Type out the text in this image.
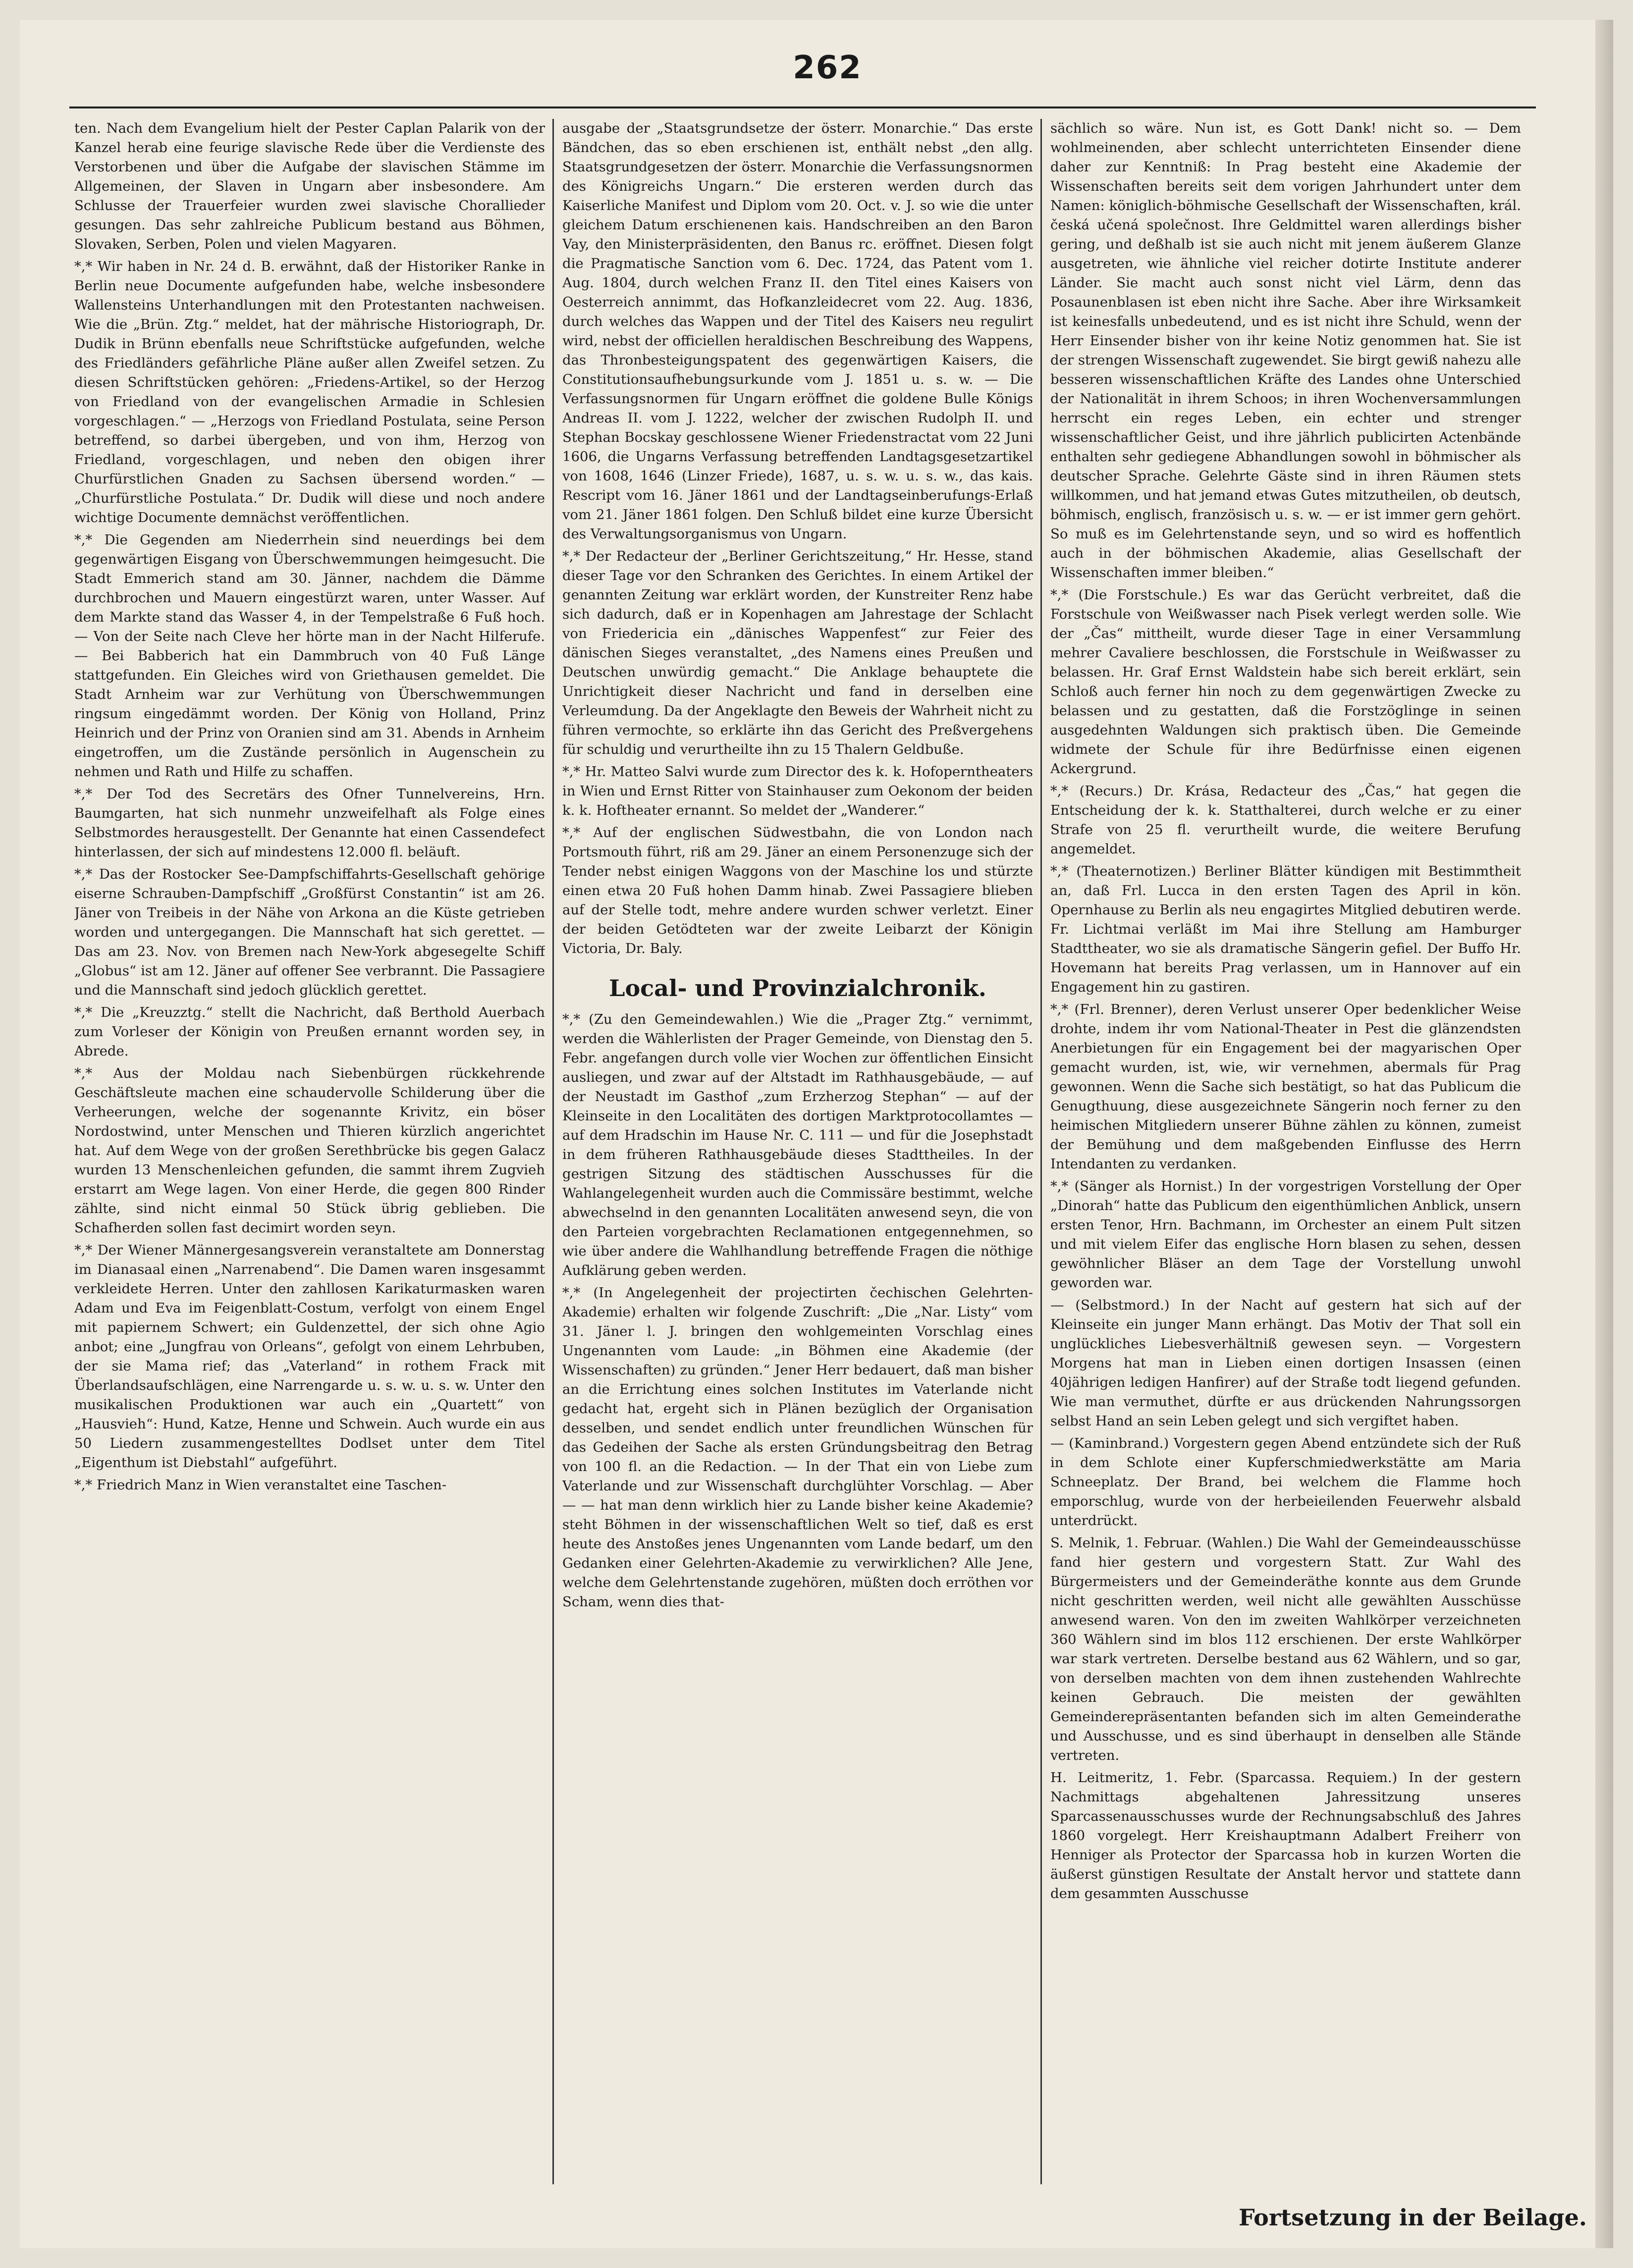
262

ten. Nach dem Evangelium hielt der Pester Caplan Palarik von der Kanzel herab eine feurige slavische Rede über die Verdienste des Verstorbenen und über die Aufgabe der slavischen Stämme im Allgemeinen, der Slaven in Ungarn aber insbesondere. Am Schlusse der Trauerfeier wurden zwei slavische Chorallieder gesungen. Das sehr zahlreiche Publicum bestand aus Böhmen, Slovaken, Serben, Polen und vielen Magyaren.

*,* Wir haben in Nr. 24 d. B. erwähnt, daß der Historiker Ranke in Berlin neue Documente aufgefunden habe, welche insbesondere Wallensteins Unterhandlungen mit den Protestanten nachweisen. Wie die „Brün. Ztg.“ meldet, hat der mährische Historiograph, Dr. Dudik in Brünn ebenfalls neue Schriftstücke aufgefunden, welche des Friedländers gefährliche Pläne außer allen Zweifel setzen. Zu diesen Schriftstücken gehören: „Friedens-Artikel, so der Herzog von Friedland von der evangelischen Armadie in Schlesien vorgeschlagen.“ — „Herzogs von Friedland Postulata, seine Person betreffend, so darbei übergeben, und von ihm, Herzog von Friedland, vorgeschlagen, und neben den obigen ihrer Churfürstlichen Gnaden zu Sachsen übersend worden.“ — „Churfürstliche Postulata.“ Dr. Dudik will diese und noch andere wichtige Documente demnächst veröffentlichen.

*,* Die Gegenden am Niederrhein sind neuerdings bei dem gegenwärtigen Eisgang von Überschwemmungen heimgesucht. Die Stadt Emmerich stand am 30. Jänner, nachdem die Dämme durchbrochen und Mauern eingestürzt waren, unter Wasser. Auf dem Markte stand das Wasser 4, in der Tempelstraße 6 Fuß hoch. — Von der Seite nach Cleve her hörte man in der Nacht Hilferufe. — Bei Babberich hat ein Dammbruch von 40 Fuß Länge stattgefunden. Ein Gleiches wird von Griethausen gemeldet. Die Stadt Arnheim war zur Verhütung von Überschwemmungen ringsum eingedämmt worden. Der König von Holland, Prinz Heinrich und der Prinz von Oranien sind am 31. Abends in Arnheim eingetroffen, um die Zustände persönlich in Augenschein zu nehmen und Rath und Hilfe zu schaffen.

*,* Der Tod des Secretärs des Ofner Tunnelvereins, Hrn. Baumgarten, hat sich nunmehr unzweifelhaft als Folge eines Selbstmordes herausgestellt. Der Genannte hat einen Cassendefect hinterlassen, der sich auf mindestens 12.000 fl. beläuft.

*,* Das der Rostocker See-Dampfschiffahrts-Gesellschaft gehörige eiserne Schrauben-Dampfschiff „Großfürst Constantin“ ist am 26. Jäner von Treibeis in der Nähe von Arkona an die Küste getrieben worden und untergegangen. Die Mannschaft hat sich gerettet. — Das am 23. Nov. von Bremen nach New-York abgesegelte Schiff „Globus“ ist am 12. Jäner auf offener See verbrannt. Die Passagiere und die Mannschaft sind jedoch glücklich gerettet.

*,* Die „Kreuzztg.“ stellt die Nachricht, daß Berthold Auerbach zum Vorleser der Königin von Preußen ernannt worden sey, in Abrede.

*,* Aus der Moldau nach Siebenbürgen rückkehrende Geschäftsleute machen eine schaudervolle Schilderung über die Verheerungen, welche der sogenannte Krivitz, ein böser Nordostwind, unter Menschen und Thieren kürzlich angerichtet hat. Auf dem Wege von der großen Serethbrücke bis gegen Galacz wurden 13 Menschenleichen gefunden, die sammt ihrem Zugvieh erstarrt am Wege lagen. Von einer Herde, die gegen 800 Rinder zählte, sind nicht einmal 50 Stück übrig geblieben. Die Schafherden sollen fast decimirt worden seyn.

*,* Der Wiener Männergesangsverein veranstaltete am Donnerstag im Dianasaal einen „Narrenabend“. Die Damen waren insgesammt verkleidete Herren. Unter den zahllosen Karikaturmasken waren Adam und Eva im Feigenblatt-Costum, verfolgt von einem Engel mit papiernem Schwert; ein Guldenzettel, der sich ohne Agio anbot; eine „Jungfrau von Orleans“, gefolgt von einem Lehrbuben, der sie Mama rief; das „Vaterland“ in rothem Frack mit Überlandsaufschlägen, eine Narrengarde u. s. w. u. s. w. Unter den musikalischen Produktionen war auch ein „Quartett“ von „Hausvieh“: Hund, Katze, Henne und Schwein. Auch wurde ein aus 50 Liedern zusammengestelltes Dodlset unter dem Titel „Eigenthum ist Diebstahl“ aufgeführt.

*,* Friedrich Manz in Wien veranstaltet eine Taschen-

ausgabe der „Staatsgrundsetze der österr. Monarchie.“ Das erste Bändchen, das so eben erschienen ist, enthält nebst „den allg. Staatsgrundgesetzen der österr. Monarchie die Verfassungsnormen des Königreichs Ungarn.“ Die ersteren werden durch das Kaiserliche Manifest und Diplom vom 20. Oct. v. J. so wie die unter gleichem Datum erschienenen kais. Handschreiben an den Baron Vay, den Ministerpräsidenten, den Banus rc. eröffnet. Diesen folgt die Pragmatische Sanction vom 6. Dec. 1724, das Patent vom 1. Aug. 1804, durch welchen Franz II. den Titel eines Kaisers von Oesterreich annimmt, das Hofkanzleidecret vom 22. Aug. 1836, durch welches das Wappen und der Titel des Kaisers neu regulirt wird, nebst der officiellen heraldischen Beschreibung des Wappens, das Thronbesteigungspatent des gegenwärtigen Kaisers, die Constitutionsaufhebungsurkunde vom J. 1851 u. s. w. — Die Verfassungsnormen für Ungarn eröffnet die goldene Bulle Königs Andreas II. vom J. 1222, welcher der zwischen Rudolph II. und Stephan Bocskay geschlossene Wiener Friedenstractat vom 22 Juni 1606, die Ungarns Verfassung betreffenden Landtagsgesetzartikel von 1608, 1646 (Linzer Friede), 1687, u. s. w. u. s. w., das kais. Rescript vom 16. Jäner 1861 und der Landtagseinberufungs-Erlaß vom 21. Jäner 1861 folgen. Den Schluß bildet eine kurze Übersicht des Verwaltungsorganismus von Ungarn.

*,* Der Redacteur der „Berliner Gerichtszeitung,“ Hr. Hesse, stand dieser Tage vor den Schranken des Gerichtes. In einem Artikel der genannten Zeitung war erklärt worden, der Kunstreiter Renz habe sich dadurch, daß er in Kopenhagen am Jahrestage der Schlacht von Friedericia ein „dänisches Wappenfest“ zur Feier des dänischen Sieges veranstaltet, „des Namens eines Preußen und Deutschen unwürdig gemacht.“ Die Anklage behauptete die Unrichtigkeit dieser Nachricht und fand in derselben eine Verleumdung. Da der Angeklagte den Beweis der Wahrheit nicht zu führen vermochte, so erklärte ihn das Gericht des Preßvergehens für schuldig und verurtheilte ihn zu 15 Thalern Geldbuße.

*,* Hr. Matteo Salvi wurde zum Director des k. k. Hofoperntheaters in Wien und Ernst Ritter von Stainhauser zum Oekonom der beiden k. k. Hoftheater ernannt. So meldet der „Wanderer.“

*,* Auf der englischen Südwestbahn, die von London nach Portsmouth führt, riß am 29. Jäner an einem Personenzuge sich der Tender nebst einigen Waggons von der Maschine los und stürzte einen etwa 20 Fuß hohen Damm hinab. Zwei Passagiere blieben auf der Stelle todt, mehre andere wurden schwer verletzt. Einer der beiden Getödteten war der zweite Leibarzt der Königin Victoria, Dr. Baly.

Local- und Provinzialchronik.

*,* (Zu den Gemeindewahlen.) Wie die „Prager Ztg.“ vernimmt, werden die Wählerlisten der Prager Gemeinde, von Dienstag den 5. Febr. angefangen durch volle vier Wochen zur öffentlichen Einsicht ausliegen, und zwar auf der Altstadt im Rathhausgebäude, — auf der Neustadt im Gasthof „zum Erzherzog Stephan“ — auf der Kleinseite in den Localitäten des dortigen Marktprotocollamtes — auf dem Hradschin im Hause Nr. C. 111 — und für die Josephstadt in dem früheren Rathhausgebäude dieses Stadttheiles. In der gestrigen Sitzung des städtischen Ausschusses für die Wahlangelegenheit wurden auch die Commissäre bestimmt, welche abwechselnd in den genannten Localitäten anwesend seyn, die von den Parteien vorgebrachten Reclamationen entgegennehmen, so wie über andere die Wahlhandlung betreffende Fragen die nöthige Aufklärung geben werden.

*,* (In Angelegenheit der projectirten čechischen Gelehrten-Akademie) erhalten wir folgende Zuschrift: „Die „Nar. Listy“ vom 31. Jäner l. J. bringen den wohlgemeinten Vorschlag eines Ungenannten vom Laude: „in Böhmen eine Akademie (der Wissenschaften) zu gründen.“ Jener Herr bedauert, daß man bisher an die Errichtung eines solchen Institutes im Vaterlande nicht gedacht hat, ergeht sich in Plänen bezüglich der Organisation desselben, und sendet endlich unter freundlichen Wünschen für das Gedeihen der Sache als ersten Gründungsbeitrag den Betrag von 100 fl. an die Redaction. — In der That ein von Liebe zum Vaterlande und zur Wissenschaft durchglühter Vorschlag. — Aber — — hat man denn wirklich hier zu Lande bisher keine Akademie? steht Böhmen in der wissenschaftlichen Welt so tief, daß es erst heute des Anstoßes jenes Ungenannten vom Lande bedarf, um den Gedanken einer Gelehrten-Akademie zu verwirklichen? Alle Jene, welche dem Gelehrtenstande zugehören, müßten doch erröthen vor Scham, wenn dies that-

sächlich so wäre. Nun ist, es Gott Dank! nicht so. — Dem wohlmeinenden, aber schlecht unterrichteten Einsender diene daher zur Kenntniß: In Prag besteht eine Akademie der Wissenschaften bereits seit dem vorigen Jahrhundert unter dem Namen: königlich-böhmische Gesellschaft der Wissenschaften, král. česká učená společnost. Ihre Geldmittel waren allerdings bisher gering, und deßhalb ist sie auch nicht mit jenem äußerem Glanze ausgetreten, wie ähnliche viel reicher dotirte Institute anderer Länder. Sie macht auch sonst nicht viel Lärm, denn das Posaunenblasen ist eben nicht ihre Sache. Aber ihre Wirksamkeit ist keinesfalls unbedeutend, und es ist nicht ihre Schuld, wenn der Herr Einsender bisher von ihr keine Notiz genommen hat. Sie ist der strengen Wissenschaft zugewendet. Sie birgt gewiß nahezu alle besseren wissenschaftlichen Kräfte des Landes ohne Unterschied der Nationalität in ihrem Schoos; in ihren Wochenversammlungen herrscht ein reges Leben, ein echter und strenger wissenschaftlicher Geist, und ihre jährlich publicirten Actenbände enthalten sehr gediegene Abhandlungen sowohl in böhmischer als deutscher Sprache. Gelehrte Gäste sind in ihren Räumen stets willkommen, und hat jemand etwas Gutes mitzutheilen, ob deutsch, böhmisch, englisch, französisch u. s. w. — er ist immer gern gehört. So muß es im Gelehrtenstande seyn, und so wird es hoffentlich auch in der böhmischen Akademie, alias Gesellschaft der Wissenschaften immer bleiben.“

*,* (Die Forstschule.) Es war das Gerücht verbreitet, daß die Forstschule von Weißwasser nach Pisek verlegt werden solle. Wie der „Čas“ mittheilt, wurde dieser Tage in einer Versammlung mehrer Cavaliere beschlossen, die Forstschule in Weißwasser zu belassen. Hr. Graf Ernst Waldstein habe sich bereit erklärt, sein Schloß auch ferner hin noch zu dem gegenwärtigen Zwecke zu belassen und zu gestatten, daß die Forstzöglinge in seinen ausgedehnten Waldungen sich praktisch üben. Die Gemeinde widmete der Schule für ihre Bedürfnisse einen eigenen Ackergrund.

*,* (Recurs.) Dr. Krása, Redacteur des „Čas,“ hat gegen die Entscheidung der k. k. Statthalterei, durch welche er zu einer Strafe von 25 fl. verurtheilt wurde, die weitere Berufung angemeldet.

*,* (Theaternotizen.) Berliner Blätter kündigen mit Bestimmtheit an, daß Frl. Lucca in den ersten Tagen des April in kön. Opernhause zu Berlin als neu engagirtes Mitglied debutiren werde. Fr. Lichtmai verläßt im Mai ihre Stellung am Hamburger Stadttheater, wo sie als dramatische Sängerin gefiel. Der Buffo Hr. Hovemann hat bereits Prag verlassen, um in Hannover auf ein Engagement hin zu gastiren.

*,* (Frl. Brenner), deren Verlust unserer Oper bedenklicher Weise drohte, indem ihr vom National-Theater in Pest die glänzendsten Anerbietungen für ein Engagement bei der magyarischen Oper gemacht wurden, ist, wie, wir vernehmen, abermals für Prag gewonnen. Wenn die Sache sich bestätigt, so hat das Publicum die Genugthuung, diese ausgezeichnete Sängerin noch ferner zu den heimischen Mitgliedern unserer Bühne zählen zu können, zumeist der Bemühung und dem maßgebenden Einflusse des Herrn Intendanten zu verdanken.

*,* (Sänger als Hornist.) In der vorgestrigen Vorstellung der Oper „Dinorah“ hatte das Publicum den eigenthümlichen Anblick, unsern ersten Tenor, Hrn. Bachmann, im Orchester an einem Pult sitzen und mit vielem Eifer das englische Horn blasen zu sehen, dessen gewöhnlicher Bläser an dem Tage der Vorstellung unwohl geworden war.

— (Selbstmord.) In der Nacht auf gestern hat sich auf der Kleinseite ein junger Mann erhängt. Das Motiv der That soll ein unglückliches Liebesverhältniß gewesen seyn. — Vorgestern Morgens hat man in Lieben einen dortigen Insassen (einen 40jährigen ledigen Hanfirer) auf der Straße todt liegend gefunden. Wie man vermuthet, dürfte er aus drückenden Nahrungssorgen selbst Hand an sein Leben gelegt und sich vergiftet haben.

— (Kaminbrand.) Vorgestern gegen Abend entzündete sich der Ruß in dem Schlote einer Kupferschmiedwerkstätte am Maria Schneeplatz. Der Brand, bei welchem die Flamme hoch emporschlug, wurde von der herbeieilenden Feuerwehr alsbald unterdrückt.

S. Melnik, 1. Februar. (Wahlen.) Die Wahl der Gemeindeausschüsse fand hier gestern und vorgestern Statt. Zur Wahl des Bürgermeisters und der Gemeinderäthe konnte aus dem Grunde nicht geschritten werden, weil nicht alle gewählten Ausschüsse anwesend waren. Von den im zweiten Wahlkörper verzeichneten 360 Wählern sind im blos 112 erschienen. Der erste Wahlkörper war stark vertreten. Derselbe bestand aus 62 Wählern, und so gar, von derselben machten von dem ihnen zustehenden Wahlrechte keinen Gebrauch. Die meisten der gewählten Gemeinderepräsentanten befanden sich im alten Gemeinderathe und Ausschusse, und es sind überhaupt in denselben alle Stände vertreten.

H. Leitmeritz, 1. Febr. (Sparcassa. Requiem.) In der gestern Nachmittags abgehaltenen Jahressitzung unseres Sparcassenausschusses wurde der Rechnungsabschluß des Jahres 1860 vorgelegt. Herr Kreishauptmann Adalbert Freiherr von Henniger als Protector der Sparcassa hob in kurzen Worten die äußerst günstigen Resultate der Anstalt hervor und stattete dann dem gesammten Ausschusse

Fortsetzung in der Beilage.
